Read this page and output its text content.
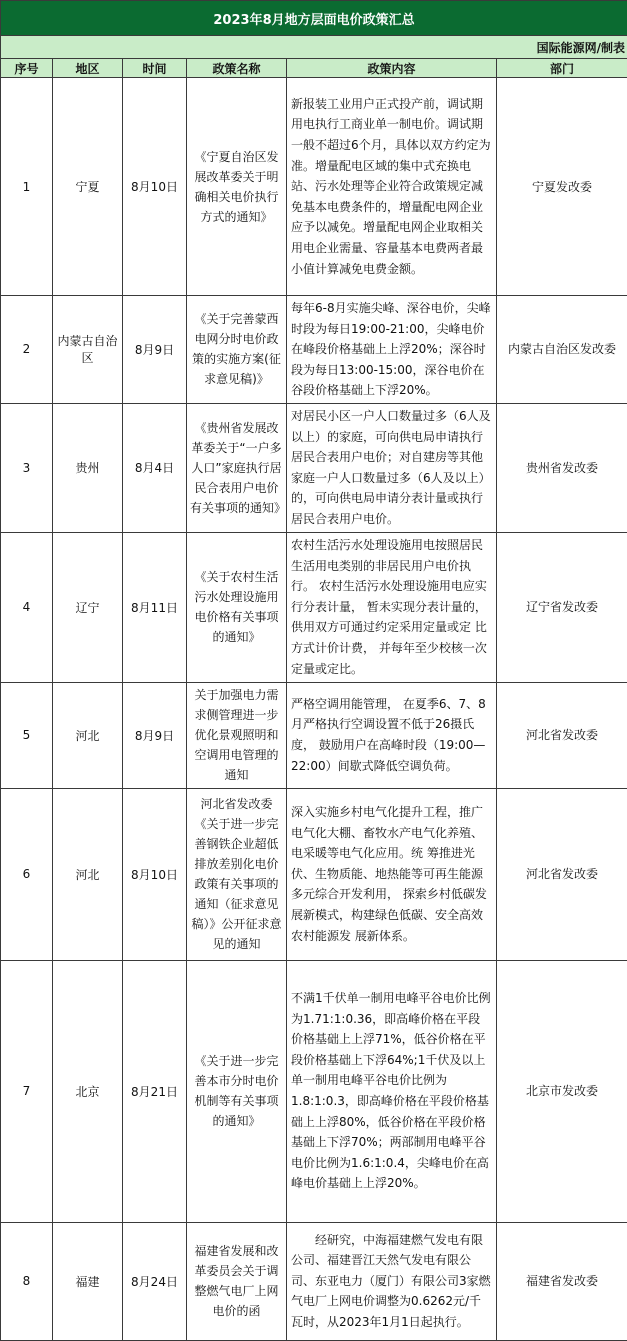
2023年8月地方层面电价政策汇总					
国际能源网/制表					
序号	地区	时间	政策名称	政策内容	部门
1	宁夏	8月10日	《宁夏自治区发展改革委关于明确相关电价执行方式的通知》	新报装工业用户正式投产前，调试期用电执行工商业单一制电价。调试期一般不超过6个月，具体以双方约定为准。增量配电区域的集中式充换电站、污水处理等企业符合政策规定减免基本电费条件的，增量配电网企业应予以减免。增量配电网企业取相关用电企业需量、容量基本电费两者最小值计算减免电费金额。	宁夏发改委
2	内蒙古自治区	8月9日	《关于完善蒙西电网分时电价政策的实施方案(征求意见稿)》	每年6-8月实施尖峰、深谷电价，尖峰时段为每日19:00-21:00，尖峰电价在峰段价格基础上上浮20%；深谷时段为每日13:00-15:00，深谷电价在谷段价格基础上下浮20%。	内蒙古自治区发改委
3	贵州	8月4日	《贵州省发展改革委关于“一户多人口”家庭执行居民合表用户电价有关事项的通知》	对居民小区一户人口数量过多（6人及以上）的家庭，可向供电局申请执行居民合表用户电价；对自建房等其他家庭一户人口数量过多（6人及以上）的，可向供电局申请分表计量或执行居民合表用户电价。	贵州省发改委
4	辽宁	8月11日	《关于农村生活污水处理设施用电价格有关事项的通知》	农村生活污水处理设施用电按照居民生活用电类别的非居民用户电价执行。 农村生活污水处理设施用电应实行分表计量， 暂未实现分表计量的， 供用双方可通过约定采用定量或定 比方式计价计费， 并每年至少校核一次定量或定比。	辽宁省发改委
5	河北	8月9日	关于加强电力需求侧管理进一步优化景观照明和空调用电管理的通知	严格空调用能管理， 在夏季6、7、8月严格执行空调设置不低于26摄氏度， 鼓励用户在高峰时段（19:00—22:00）间歇式降低空调负荷。	河北省发改委
6	河北	8月10日	河北省发改委《关于进一步完善钢铁企业超低排放差别化电价政策有关事项的通知（征求意见稿）》公开征求意见的通知	深入实施乡村电气化提升工程，推广电气化大棚、畜牧水产电气化养殖、电采暖等电气化应用。统 筹推进光伏、生物质能、地热能等可再生能源多元综合开发利用， 探索乡村低碳发展新模式，构建绿色低碳、安全高效农村能源发 展新体系。	河北省发改委
7	北京	8月21日	《关于进一步完善本市分时电价机制等有关事项的通知》	不满1千伏单一制用电峰平谷电价比例为1.71:1:0.36，即高峰价格在平段价格基础上上浮71%，低谷价格在平段价格基础上下浮64%;1千伏及以上单一制用电峰平谷电价比例为1.8:1:0.3，即高峰价格在平段价格基础上上浮80%，低谷价格在平段价格基础上下浮70%；两部制用电峰平谷电价比例为1.6:1:0.4，尖峰电价在高峰电价基础上上浮20%。	北京市发改委
8	福建	8月24日	福建省发展和改革委员会关于调整燃气电厂上网电价的函	经研究，中海福建燃气发电有限公司、福建晋江天然气发电有限公司、东亚电力（厦门）有限公司3家燃气电厂上网电价调整为0.6262元/千瓦时，从2023年1月1日起执行。	福建省发改委
